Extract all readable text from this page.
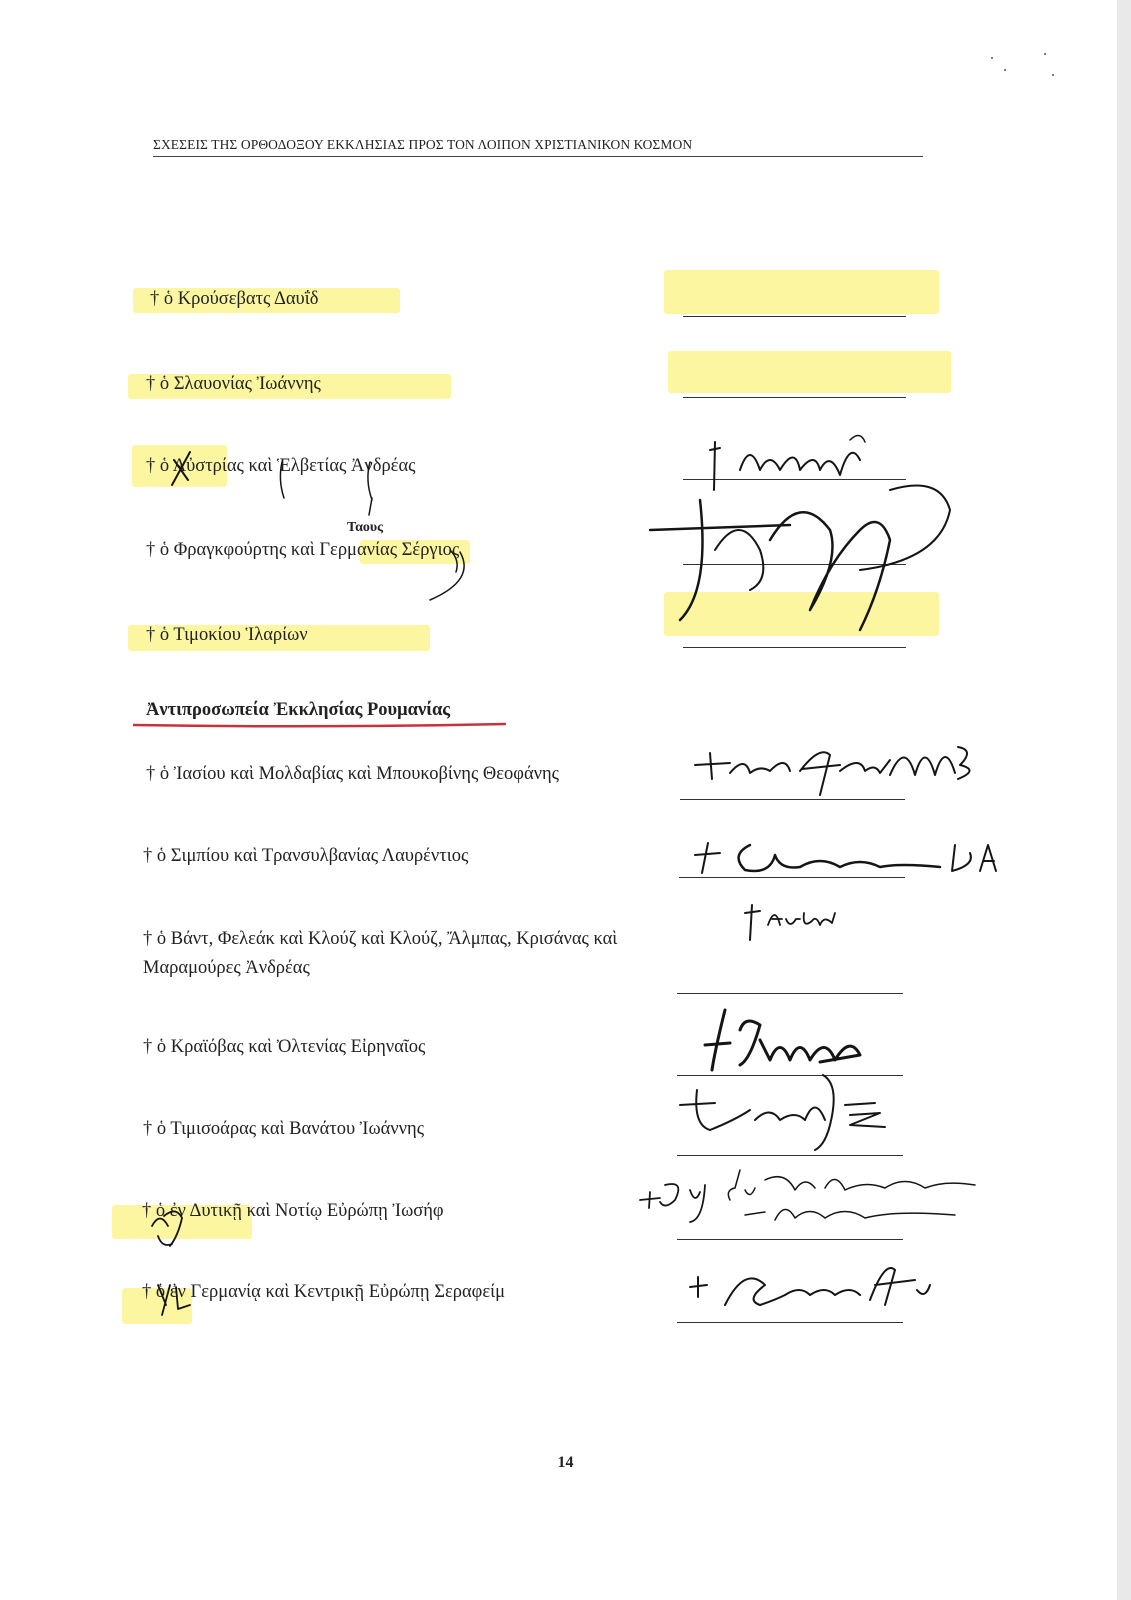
ΣΧΕΣΕΙΣ ΤΗΣ ΟΡΘΟΔΟΞΟΥ ΕΚΚΛΗΣΙΑΣ ΠΡΟΣ ΤΟΝ ΛΟΙΠΟΝ ΧΡΙΣΤΙΑΝΙΚΟΝ ΚΟΣΜΟΝ
† ὁ Κρούσεβατς Δαυΐδ
† ὁ Σλαυονίας Ἰωάννης
† ὁ Αὐστρίας καὶ Ἑλβετίας Ἀνδρέας
† ὁ Φραγκφούρτης καὶ Γερμανίας Σέργιος
† ὁ Τιμοκίου Ἱλαρίων
Ταους
Ἀντιπροσωπεία Ἐκκλησίας Ρουμανίας
† ὁ Ἰασίου καὶ Μολδαβίας καὶ Μπουκοβίνης Θεοφάνης
† ὁ Σιμπίου καὶ Τρανσυλβανίας Λαυρέντιος
† ὁ Βάντ, Φελεάκ καὶ Κλούζ καὶ Κλούζ, Ἄλμπας, Κρισάνας καὶ Μαραμούρες Ἀνδρέας
† ὁ Κραϊόβας καὶ Ὀλτενίας Εἰρηναῖος
† ὁ Τιμισοάρας καὶ Βανάτου Ἰωάννης
† ὁ ἐν Δυτικῇ καὶ Νοτίῳ Εὐρώπῃ Ἰωσήφ
† ὁ ἐν Γερμανίᾳ καὶ Κεντρικῇ Εὐρώπῃ Σεραφείμ
14
